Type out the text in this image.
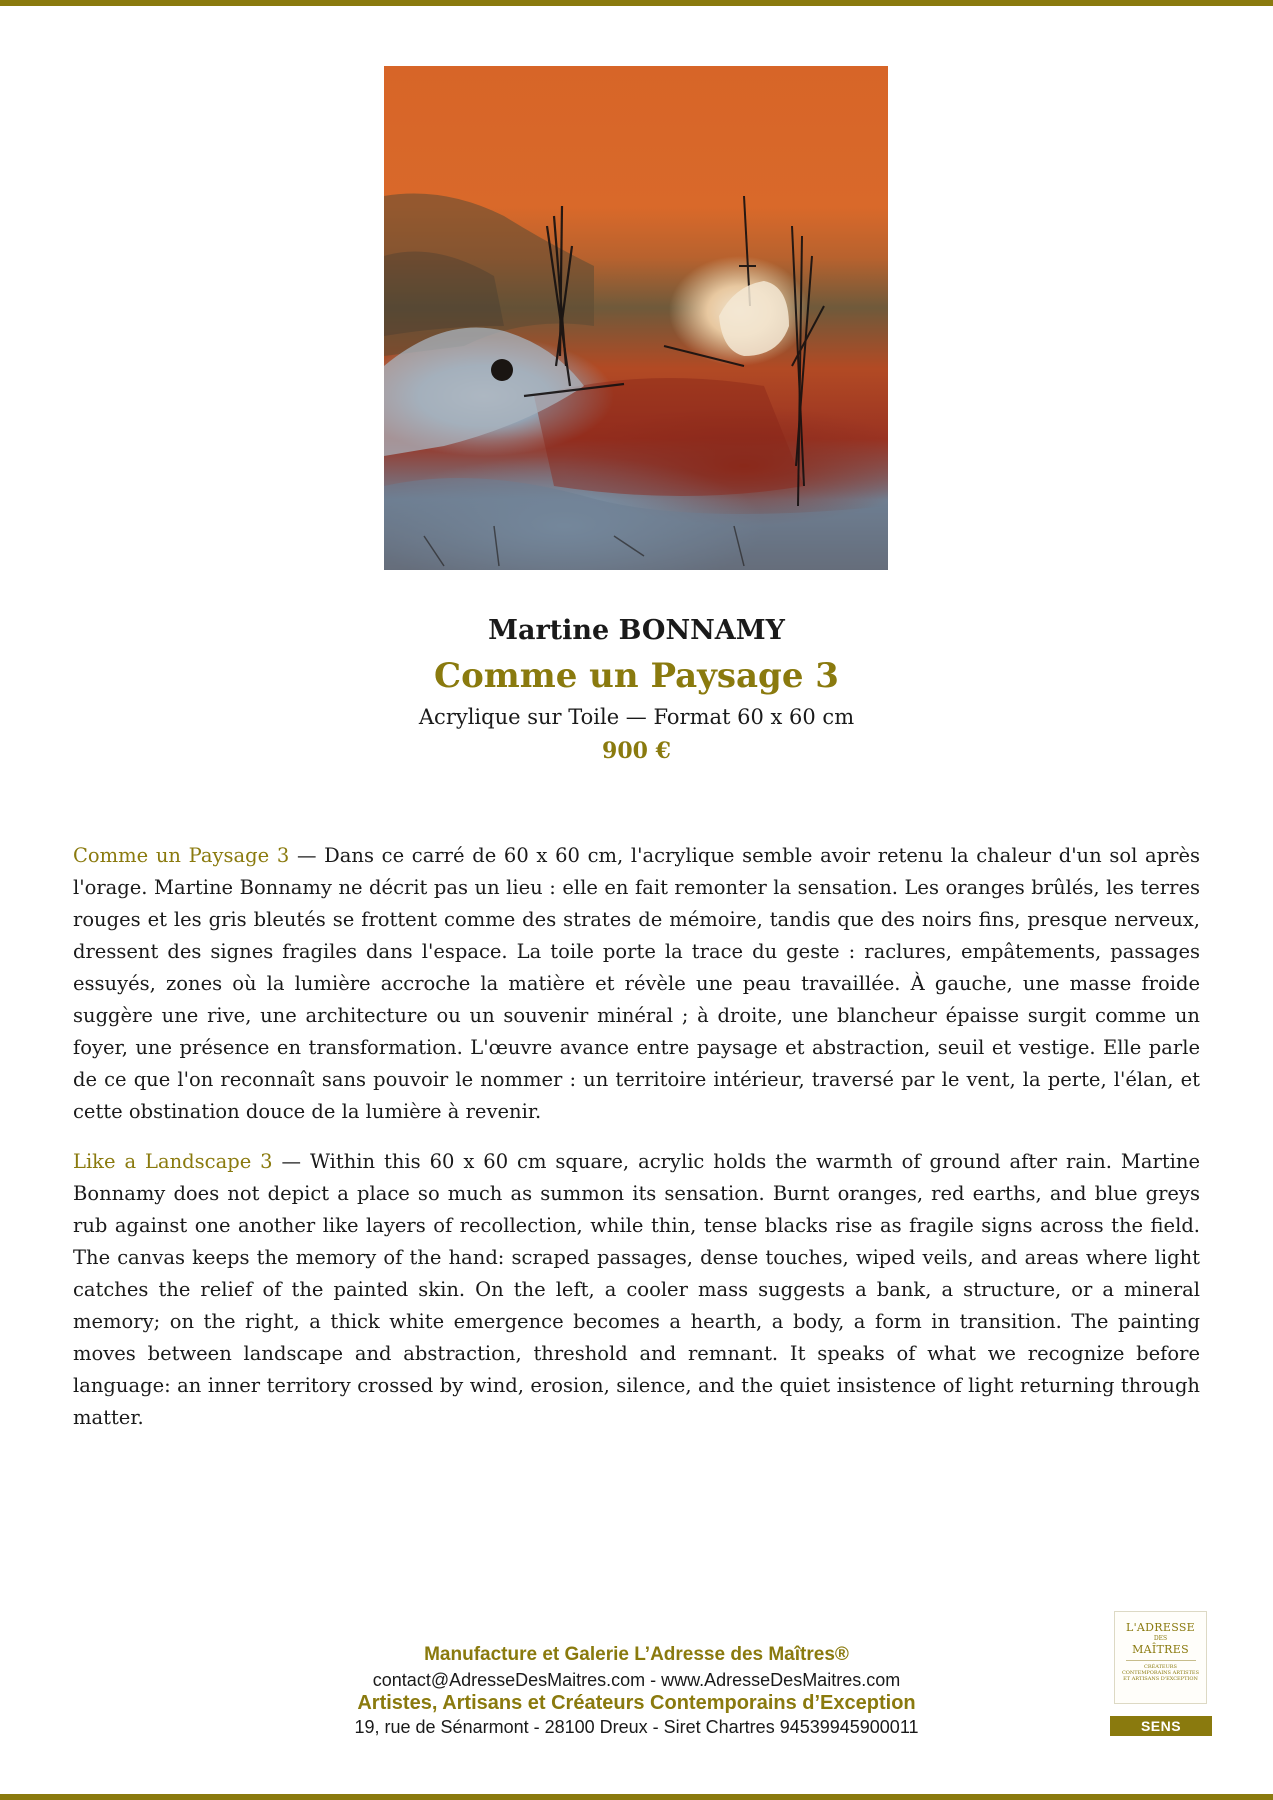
Martine BONNAMY
Comme un Paysage 3
Acrylique sur Toile — Format 60 x 60 cm
900 €

Comme un Paysage 3 — Dans ce carré de 60 x 60 cm, l'acrylique semble avoir retenu la chaleur d'un sol après l'orage. Martine Bonnamy ne décrit pas un lieu : elle en fait remonter la sensation. Les oranges brûlés, les terres rouges et les gris bleutés se frottent comme des strates de mémoire, tandis que des noirs fins, presque nerveux, dressent des signes fragiles dans l'espace. La toile porte la trace du geste : raclures, empâtements, passages essuyés, zones où la lumière accroche la matière et révèle une peau travaillée. À gauche, une masse froide suggère une rive, une architecture ou un souvenir minéral ; à droite, une blancheur épaisse surgit comme un foyer, une présence en transformation. L'œuvre avance entre paysage et abstraction, seuil et vestige. Elle parle de ce que l'on reconnaît sans pouvoir le nommer : un territoire intérieur, traversé par le vent, la perte, l'élan, et cette obstination douce de la lumière à revenir.

Like a Landscape 3 — Within this 60 x 60 cm square, acrylic holds the warmth of ground after rain. Martine Bonnamy does not depict a place so much as summon its sensation. Burnt oranges, red earths, and blue greys rub against one another like layers of recollection, while thin, tense blacks rise as fragile signs across the field. The canvas keeps the memory of the hand: scraped passages, dense touches, wiped veils, and areas where light catches the relief of the painted skin. On the left, a cooler mass suggests a bank, a structure, or a mineral memory; on the right, a thick white emergence becomes a hearth, a body, a form in transition. The painting moves between landscape and abstraction, threshold and remnant. It speaks of what we recognize before language: an inner territory crossed by wind, erosion, silence, and the quiet insistence of light returning through matter.

Manufacture et Galerie L’Adresse des Maîtres®
contact@AdresseDesMaitres.com - www.AdresseDesMaitres.com
Artistes, Artisans et Créateurs Contemporains d’Exception
19, rue de Sénarmont - 28100 Dreux - Siret Chartres 94539945900011
L'ADRESSE
DES
MAÎTRES
CRÉATEURS CONTEMPORAINS ARTISTES ET ARTISANS D'EXCEPTION
SENS
